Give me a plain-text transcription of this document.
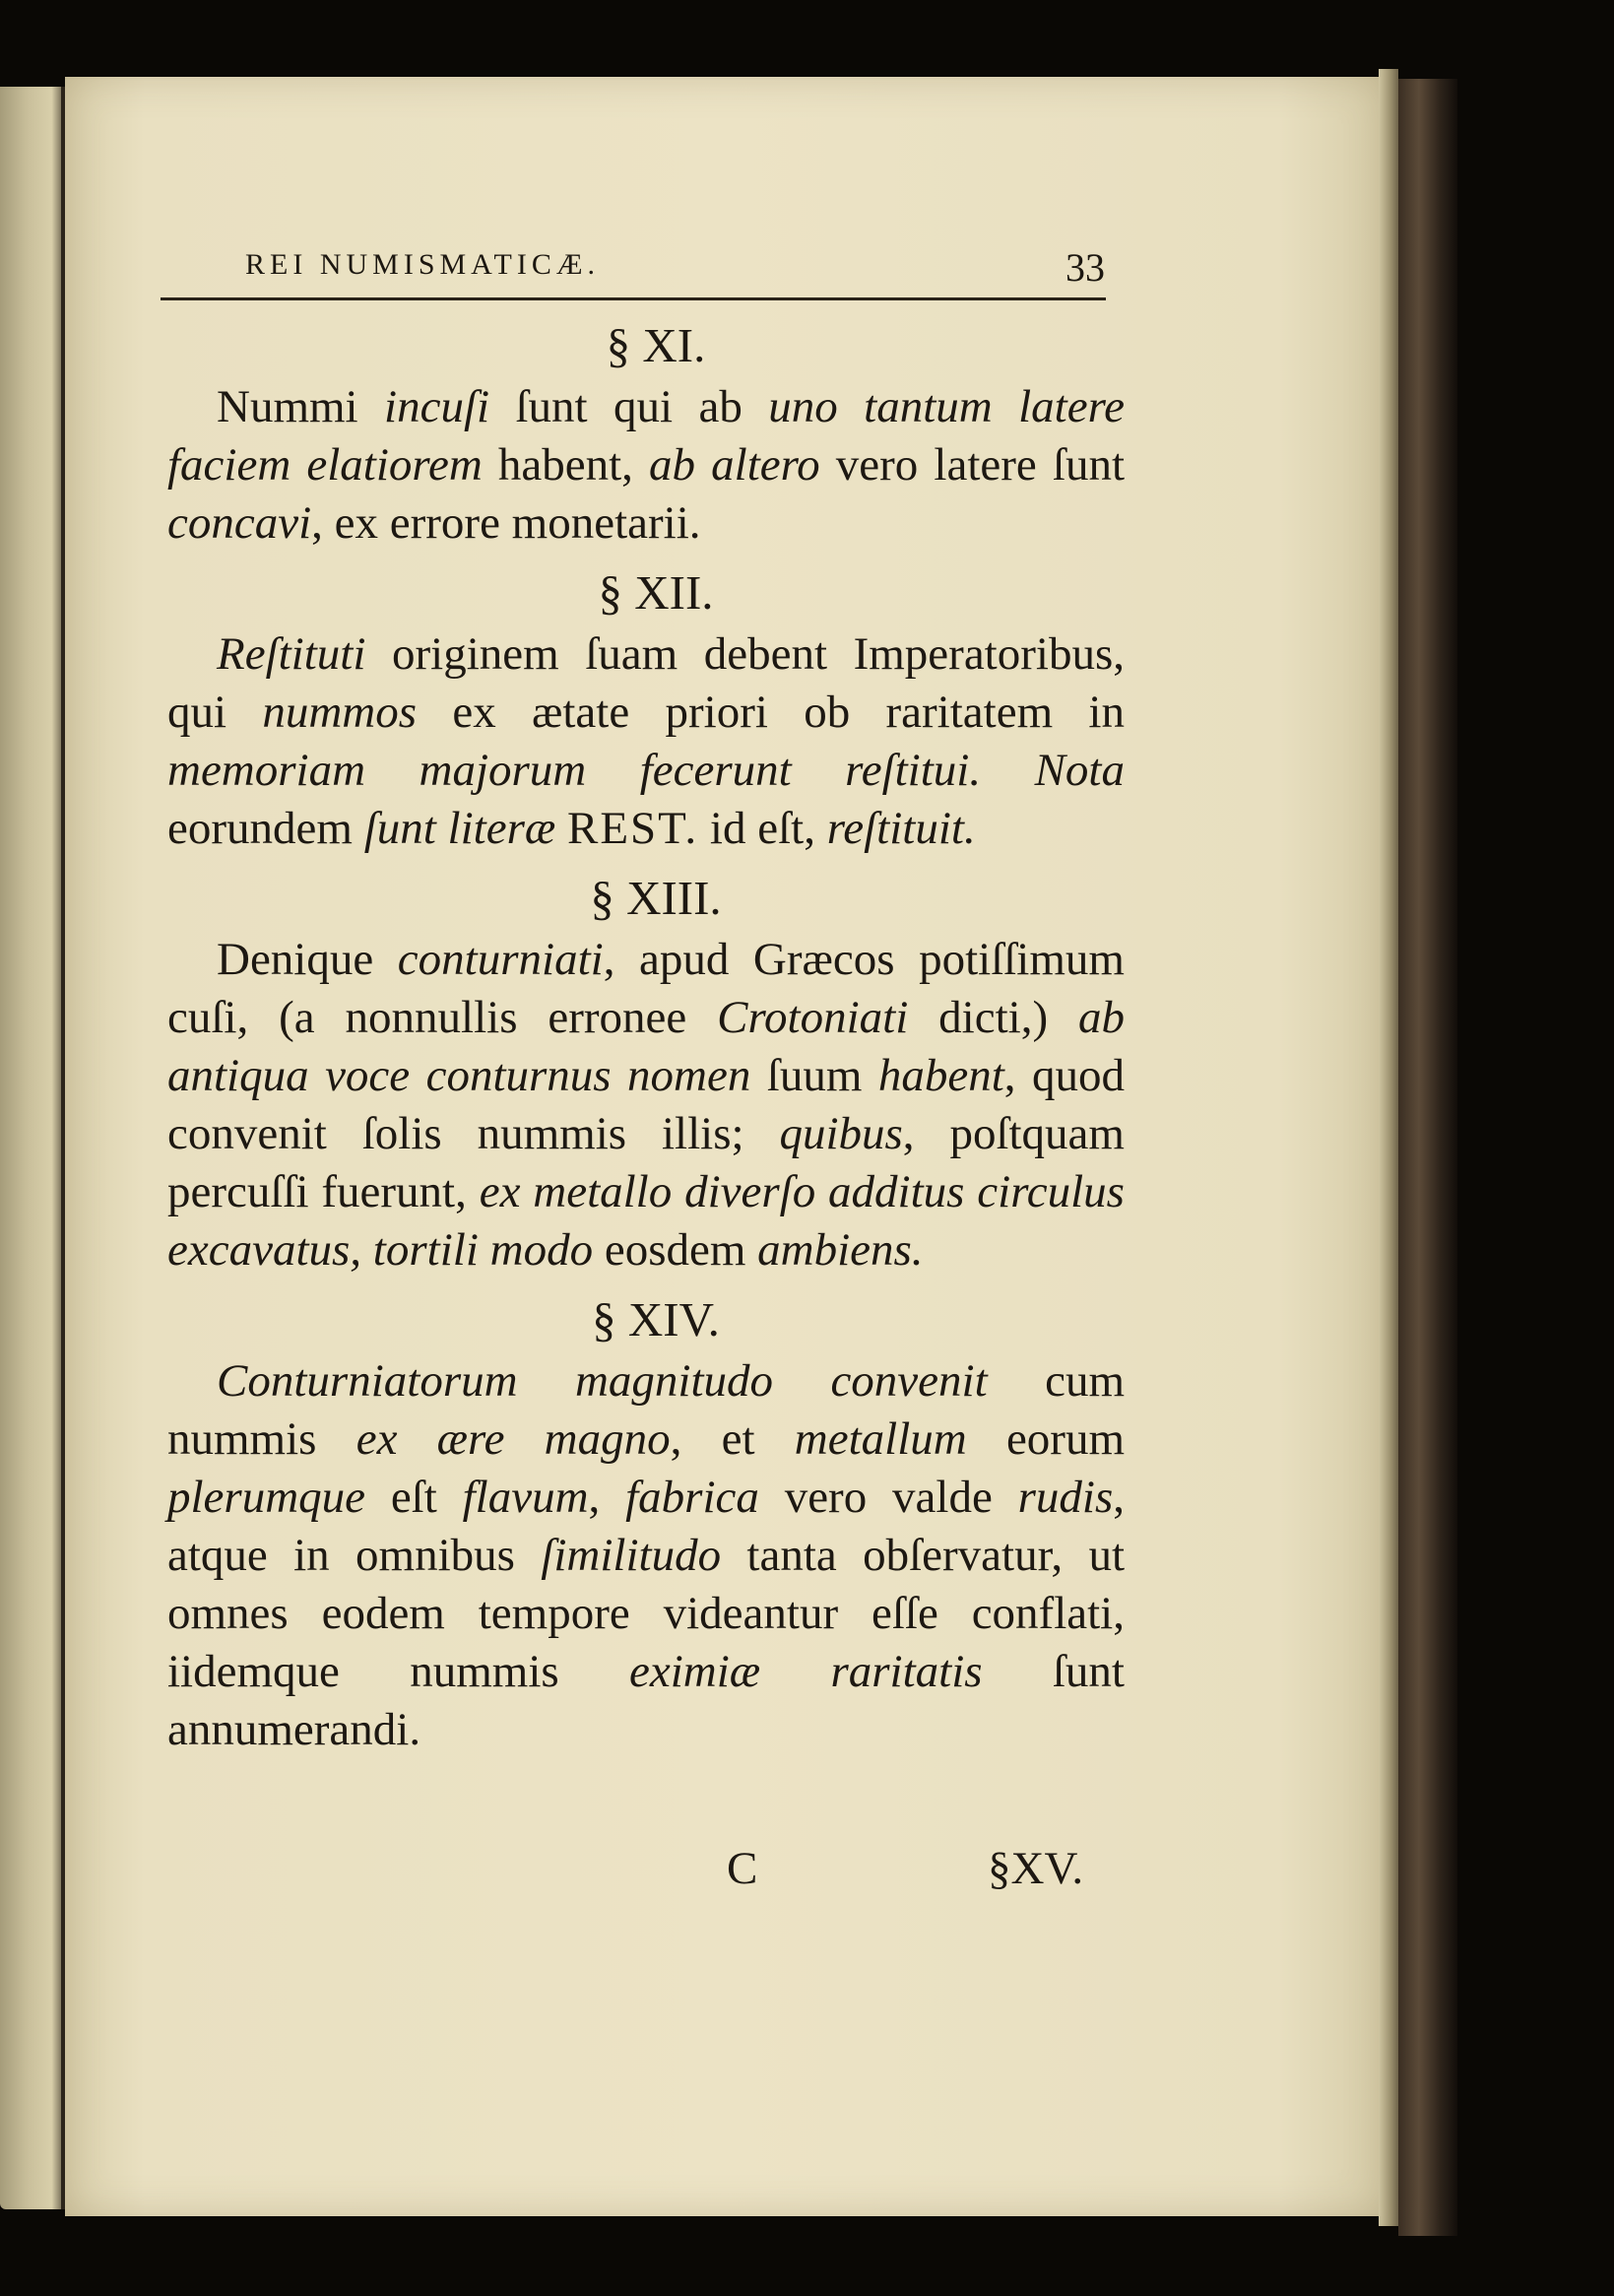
REI NUMISMATICÆ.	33

§ XI.

Nummi incuſi ſunt qui ab uno tantum latere faciem elatiorem habent, ab altero vero latere ſunt concavi, ex errore monetarii.

§ XII.

Reſtituti originem ſuam debent Imperatoribus, qui nummos ex ætate priori ob raritatem in memoriam majorum fecerunt reſtitui. Nota eorundem ſunt literæ REST. id eſt, reſtituit.

§ XIII.

Denique conturniati, apud Græcos potiſſimum cuſi, (a nonnullis erronee Crotoniati dicti,) ab antiqua voce conturnus nomen ſuum habent, quod convenit ſolis nummis illis; quibus, poſtquam percuſſi fuerunt, ex metallo diverſo additus circulus excavatus, tortili modo eosdem ambiens.

§ XIV.

Conturniatorum magnitudo convenit cum nummis ex ære magno, et metallum eorum plerumque eſt flavum, fabrica vero valde rudis, atque in omnibus ſimilitudo tanta obſervatur, ut omnes eodem tempore videantur eſſe conflati, iidemque nummis eximiæ raritatis ſunt annumerandi.

C	§XV.
